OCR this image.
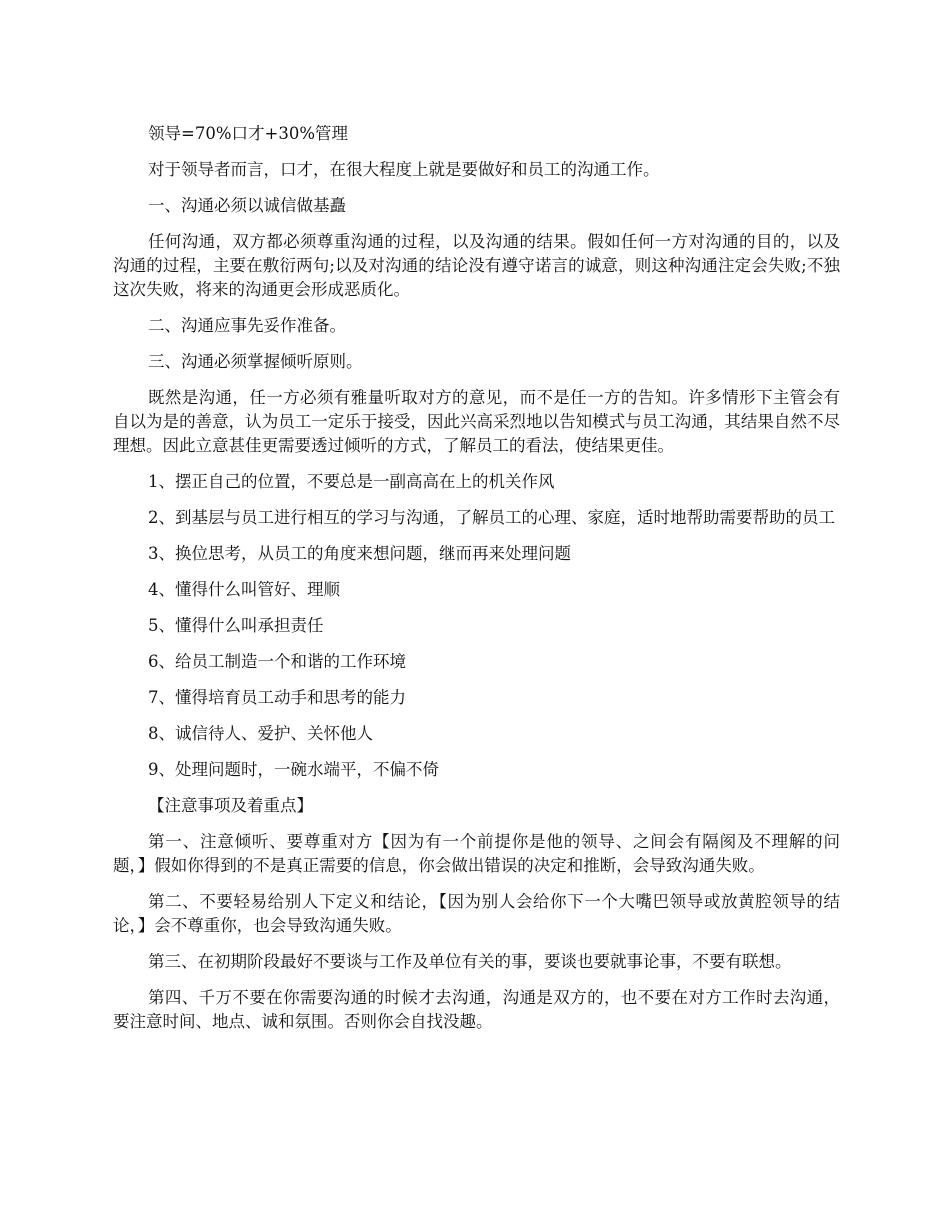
领导=70%口才+30%管理

对于领导者而言，口才，在很大程度上就是要做好和员工的沟通工作。

一、沟通必须以诚信做基矗

任何沟通，双方都必须尊重沟通的过程，以及沟通的结果。假如任何一方对沟通的目的，以及沟通的过程，主要在敷衍两句;以及对沟通的结论没有遵守诺言的诚意，则这种沟通注定会失败;不独这次失败，将来的沟通更会形成恶质化。

二、沟通应事先妥作准备。

三、沟通必须掌握倾听原则。

既然是沟通，任一方必须有雅量听取对方的意见，而不是任一方的告知。许多情形下主管会有自以为是的善意，认为员工一定乐于接受，因此兴高采烈地以告知模式与员工沟通，其结果自然不尽理想。因此立意甚佳更需要透过倾听的方式，了解员工的看法，使结果更佳。

1、摆正自己的位置，不要总是一副高高在上的机关作风

2、到基层与员工进行相互的学习与沟通，了解员工的心理、家庭，适时地帮助需要帮助的员工

3、换位思考，从员工的角度来想问题，继而再来处理问题

4、懂得什么叫管好、理顺

5、懂得什么叫承担责任

6、给员工制造一个和谐的工作环境

7、懂得培育员工动手和思考的能力

8、诚信待人、爱护、关怀他人

9、处理问题时，一碗水端平，不偏不倚

【注意事项及着重点】

第一、注意倾听、要尊重对方【因为有一个前提你是他的领导、之间会有隔阂及不理解的问题，】假如你得到的不是真正需要的信息，你会做出错误的决定和推断，会导致沟通失败。

第二、不要轻易给别人下定义和结论，【因为别人会给你下一个大嘴巴领导或放黄腔领导的结论，】会不尊重你，也会导致沟通失败。

第三、在初期阶段最好不要谈与工作及单位有关的事，要谈也要就事论事，不要有联想。

第四、千万不要在你需要沟通的时候才去沟通，沟通是双方的，也不要在对方工作时去沟通，要注意时间、地点、诚和氛围。否则你会自找没趣。
